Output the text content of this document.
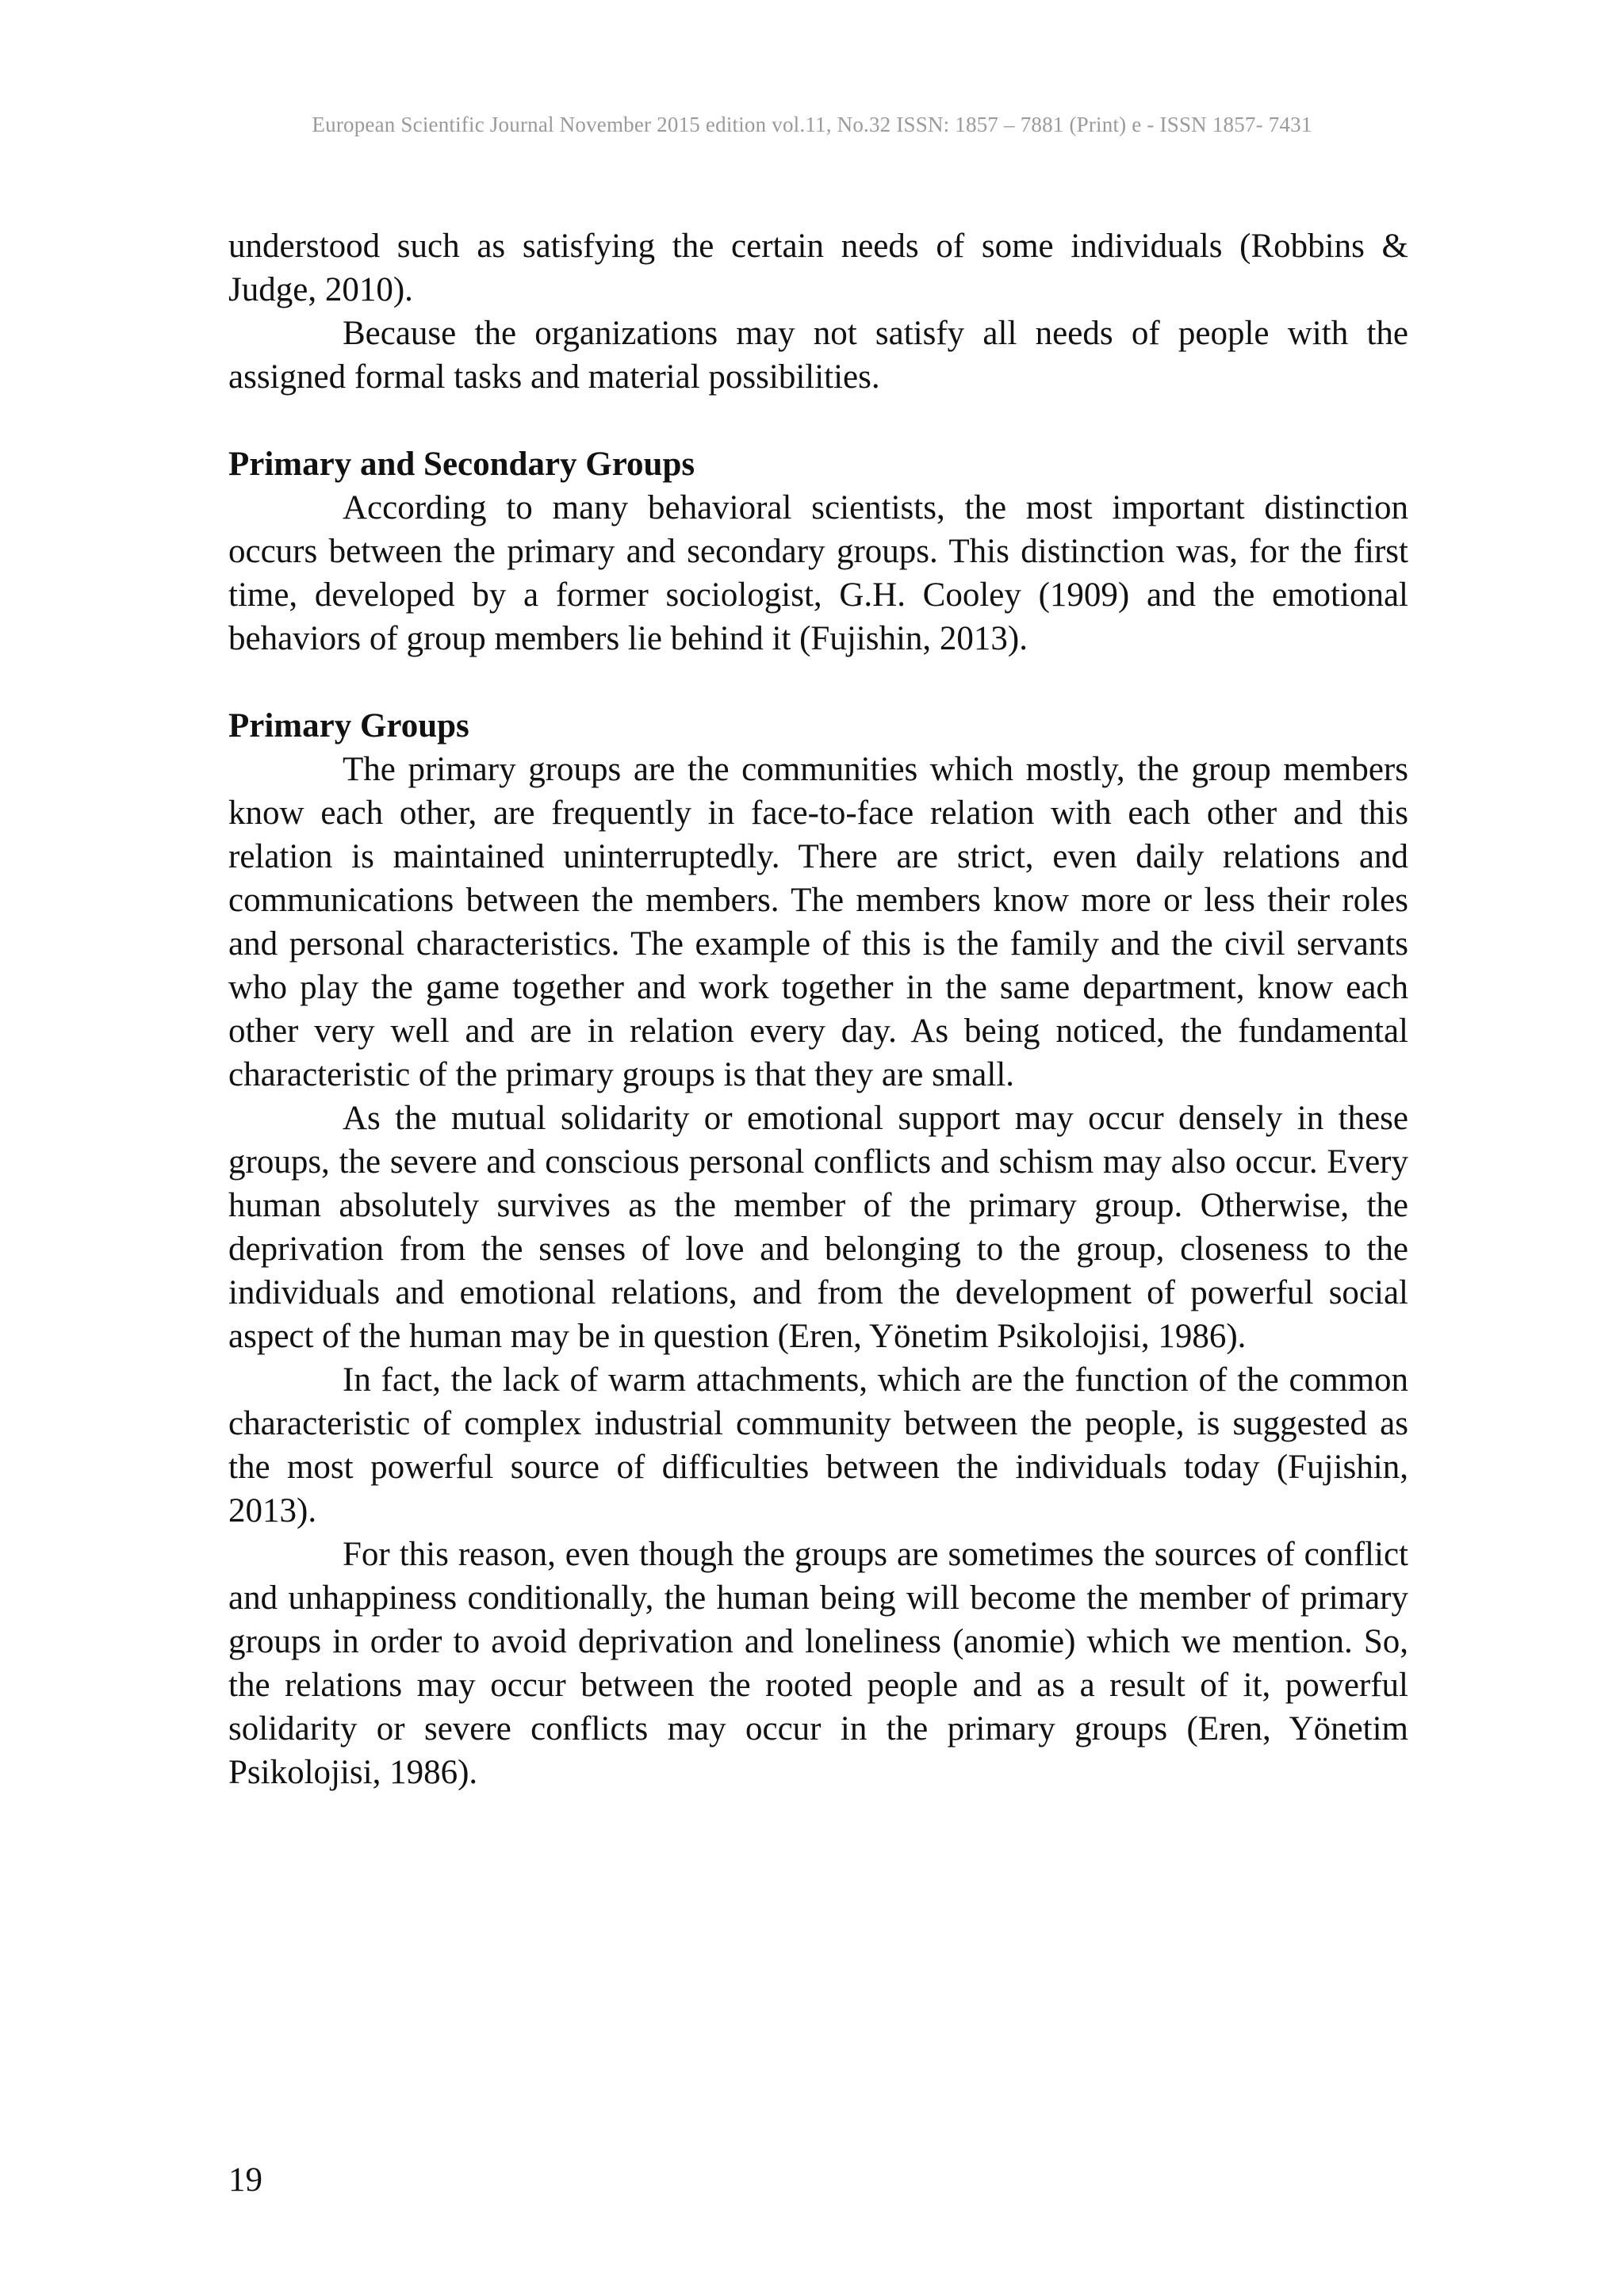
European Scientific Journal November 2015 edition vol.11, No.32 ISSN: 1857 – 7881 (Print) e - ISSN 1857- 7431

understood such as satisfying the certain needs of some individuals (Robbins & Judge, 2010).

Because the organizations may not satisfy all needs of people with the assigned formal tasks and material possibilities.

Primary and Secondary Groups

According to many behavioral scientists, the most important distinction occurs between the primary and secondary groups. This distinction was, for the first time, developed by a former sociologist, G.H. Cooley (1909) and the emotional behaviors of group members lie behind it (Fujishin, 2013).

Primary Groups

The primary groups are the communities which mostly, the group members know each other, are frequently in face-to-face relation with each other and this relation is maintained uninterruptedly. There are strict, even daily relations and communications between the members. The members know more or less their roles and personal characteristics. The example of this is the family and the civil servants who play the game together and work together in the same department, know each other very well and are in relation every day. As being noticed, the fundamental characteristic of the primary groups is that they are small.

As the mutual solidarity or emotional support may occur densely in these groups, the severe and conscious personal conflicts and schism may also occur. Every human absolutely survives as the member of the primary group. Otherwise, the deprivation from the senses of love and belonging to the group, closeness to the individuals and emotional relations, and from the development of powerful social aspect of the human may be in question (Eren, Yönetim Psikolojisi, 1986).

In fact, the lack of warm attachments, which are the function of the common characteristic of complex industrial community between the people, is suggested as the most powerful source of difficulties between the individuals today (Fujishin, 2013).

For this reason, even though the groups are sometimes the sources of conflict and unhappiness conditionally, the human being will become the member of primary groups in order to avoid deprivation and loneliness (anomie) which we mention. So, the relations may occur between the rooted people and as a result of it, powerful solidarity or severe conflicts may occur in the primary groups (Eren, Yönetim Psikolojisi, 1986).

19
